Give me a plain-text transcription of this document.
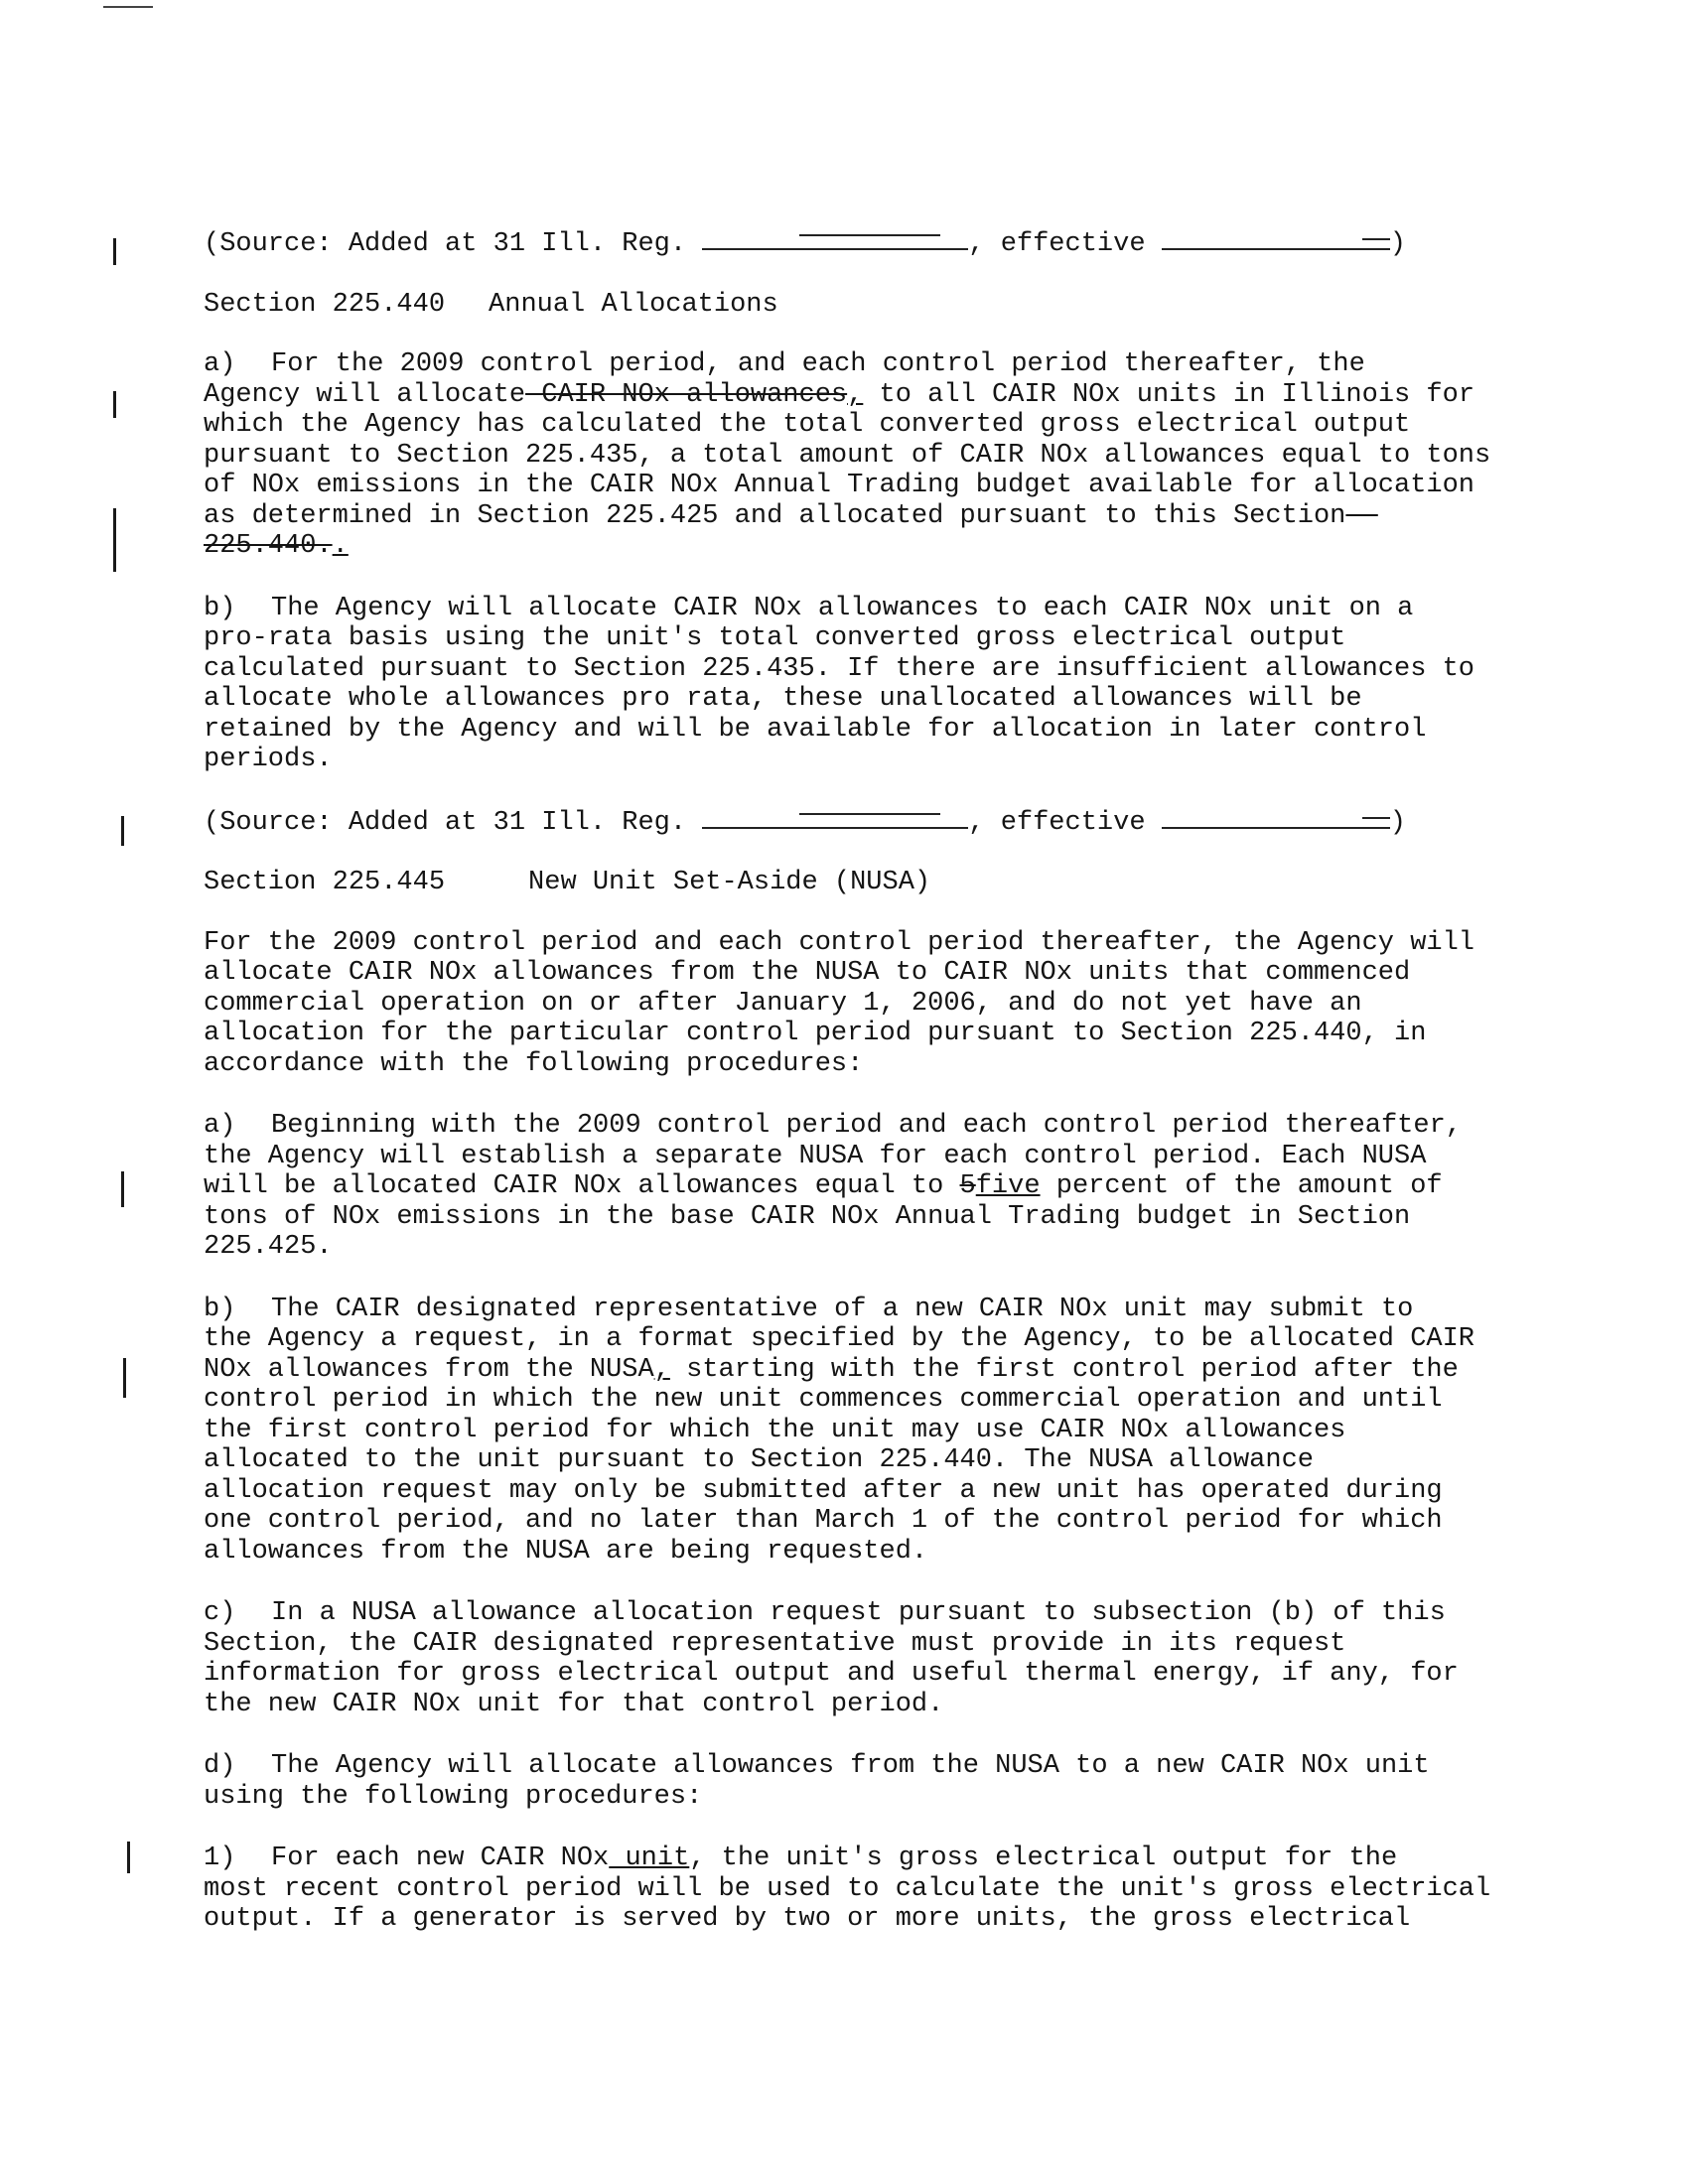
(Source: Added at 31 Ill. Reg.	, effective	)

Section 225.440 Annual Allocations

a) For the 2009 control period, and each control period thereafter, the
Agency will allocate CAIR NOx allowances, to all CAIR NOx units in Illinois for
which the Agency has calculated the total converted gross electrical output
pursuant to Section 225.435, a total amount of CAIR NOx allowances equal to tons
of NOx emissions in the CAIR NOx Annual Trading budget available for allocation
as determined in Section 225.425 and allocated pursuant to this Section
225.440..

b) The Agency will allocate CAIR NOx allowances to each CAIR NOx unit on a
pro-rata basis using the unit's total converted gross electrical output
calculated pursuant to Section 225.435. If there are insufficient allowances to
allocate whole allowances pro rata, these unallocated allowances will be
retained by the Agency and will be available for allocation in later control
periods.

(Source: Added at 31 Ill. Reg.	, effective	)

Section 225.445	New Unit Set-Aside (NUSA)

For the 2009 control period and each control period thereafter, the Agency will
allocate CAIR NOx allowances from the NUSA to CAIR NOx units that commenced
commercial operation on or after January 1, 2006, and do not yet have an
allocation for the particular control period pursuant to Section 225.440, in
accordance with the following procedures:

a) Beginning with the 2009 control period and each control period thereafter,
the Agency will establish a separate NUSA for each control period. Each NUSA
will be allocated CAIR NOx allowances equal to 5five percent of the amount of
tons of NOx emissions in the base CAIR NOx Annual Trading budget in Section
225.425.

b) The CAIR designated representative of a new CAIR NOx unit may submit to
the Agency a request, in a format specified by the Agency, to be allocated CAIR
NOx allowances from the NUSA, starting with the first control period after the
control period in which the new unit commences commercial operation and until
the first control period for which the unit may use CAIR NOx allowances
allocated to the unit pursuant to Section 225.440. The NUSA allowance
allocation request may only be submitted after a new unit has operated during
one control period, and no later than March 1 of the control period for which
allowances from the NUSA are being requested.

c) In a NUSA allowance allocation request pursuant to subsection (b) of this
Section, the CAIR designated representative must provide in its request
information for gross electrical output and useful thermal energy, if any, for
the new CAIR NOx unit for that control period.

d) The Agency will allocate allowances from the NUSA to a new CAIR NOx unit
using the following procedures:

1) For each new CAIR NOx unit, the unit's gross electrical output for the
most recent control period will be used to calculate the unit's gross electrical
output. If a generator is served by two or more units, the gross electrical
